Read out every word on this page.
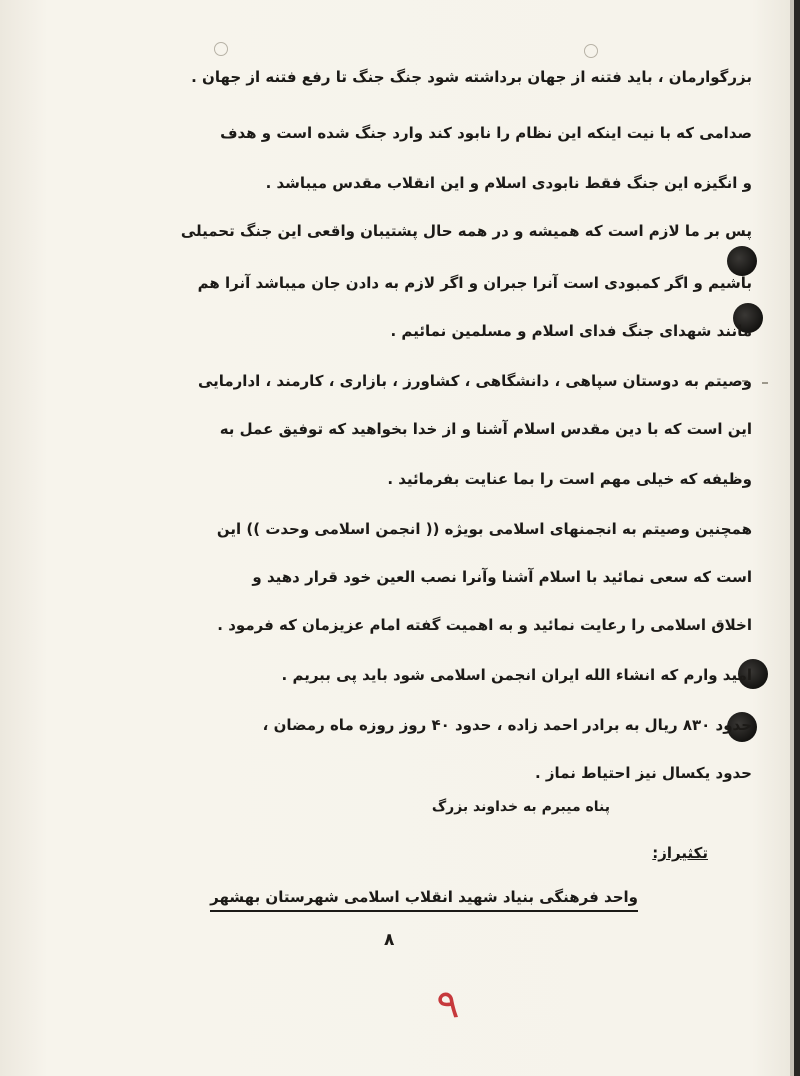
بزرگوارمان ، باید فتنه از جهان برداشته شود جنگ جنگ تا رفع فتنه از جهان .
صدامی که با نیت اینکه این نظام را نابود کند وارد جنگ شده است و هدف
و انگیزه این جنگ فقط نابودی اسلام و این انقلاب مقدس میباشد .
پس بر ما لازم است که همیشه و در همه حال پشتیبان واقعی این جنگ تحمیلی
باشیم و اگر کمبودی است آنرا جبران و اگر لازم به دادن جان میباشد آنرا هم
مانند شهدای جنگ فدای اسلام و مسلمین نمائیم .
وصیتم به دوستان سپاهی ، دانشگاهی ، کشاورز ، بازاری ، کارمند ، ادارمایی
این است که با دین مقدس اسلام آشنا و از خدا بخواهید که توفیق عمل به
وظیفه که خیلی مهم است را بما عنایت بفرمائید .
همچنین وصیتم به انجمنهای اسلامی بویژه (( انجمن اسلامی وحدت )) این
است که سعی نمائید با اسلام آشنا وآنرا نصب العین خود قرار دهید و
اخلاق اسلامی را رعایت نمائید و به اهمیت گفته امام عزیزمان که فرمود .
امید وارم که انشاء الله ایران انجمن اسلامی شود باید پی ببریم .
حدود ۸۳۰ ریال به برادر احمد زاده ، حدود ۴۰ روز روزه ماه رمضان ،
حدود یکسال نیز احتیاط نماز .
پناه میبرم به خداوند بزرگ
تکثیراز:
واحد فرهنگی بنیاد شهید انقلاب اسلامی شهرستان بهشهر
۸
۹
